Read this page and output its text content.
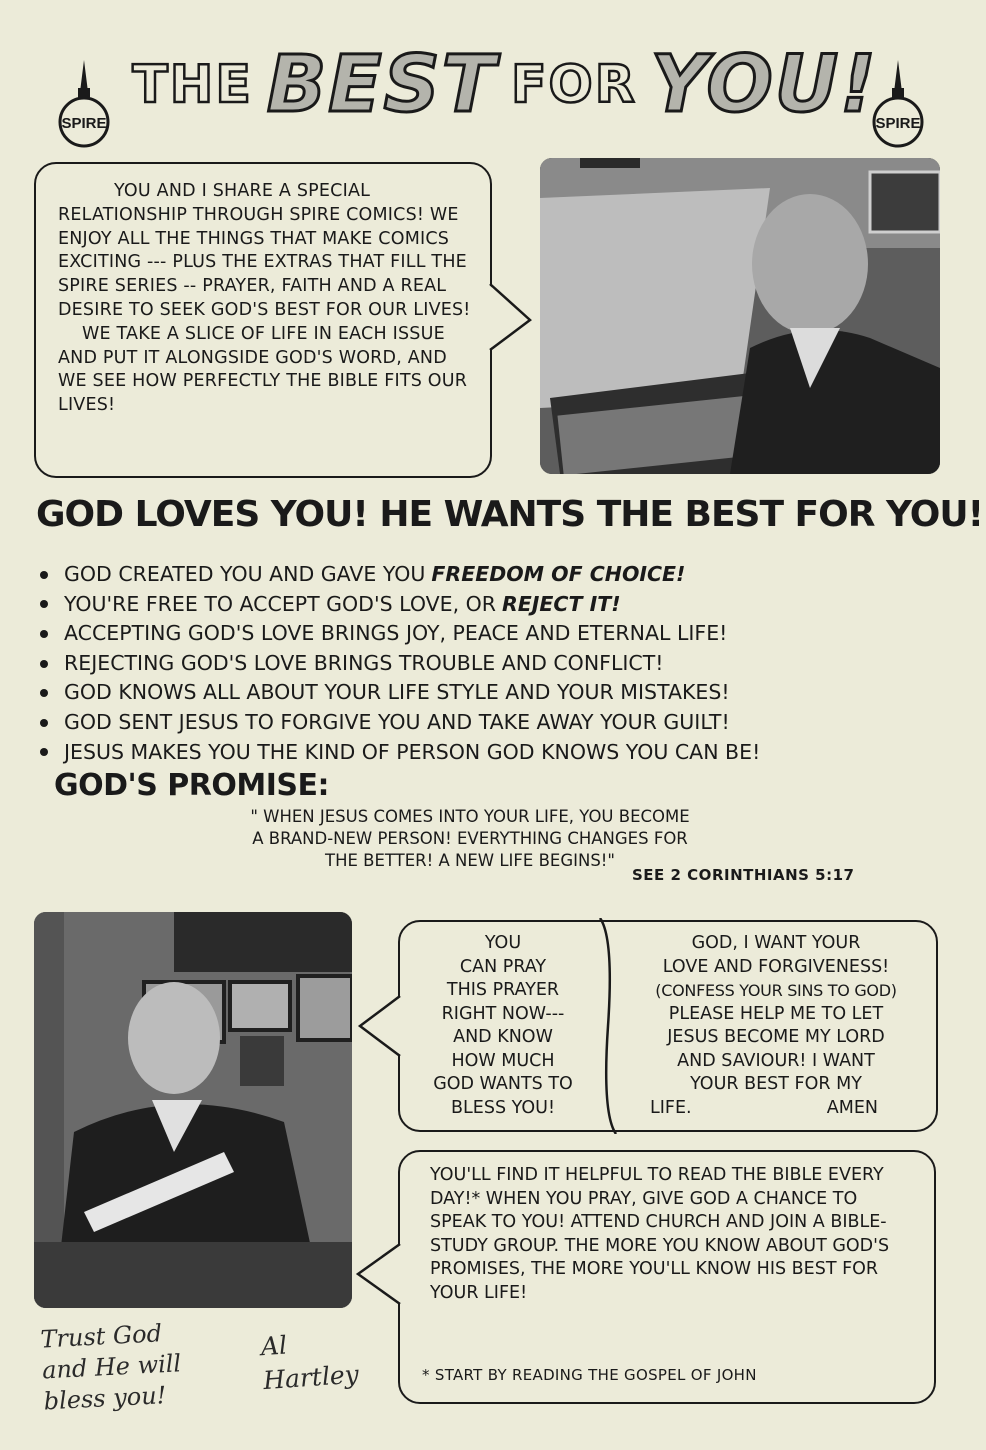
SPIRE	SPIRE
THE BEST FOR YOU!

YOU AND I SHARE A SPECIAL RELATIONSHIP THROUGH SPIRE COMICS! WE ENJOY ALL THE THINGS THAT MAKE COMICS EXCITING --- PLUS THE EXTRAS THAT FILL THE SPIRE SERIES -- PRAYER, FAITH AND A REAL DESIRE TO SEEK GOD'S BEST FOR OUR LIVES!

WE TAKE A SLICE OF LIFE IN EACH ISSUE AND PUT IT ALONGSIDE GOD'S WORD, AND WE SEE HOW PERFECTLY THE BIBLE FITS OUR LIVES!

GOD LOVES YOU! HE WANTS THE BEST FOR YOU!
GOD CREATED YOU AND GAVE YOU FREEDOM OF CHOICE!
YOU'RE FREE TO ACCEPT GOD'S LOVE, OR REJECT IT!
ACCEPTING GOD'S LOVE BRINGS JOY, PEACE AND ETERNAL LIFE!
REJECTING GOD'S LOVE BRINGS TROUBLE AND CONFLICT!
GOD KNOWS ALL ABOUT YOUR LIFE STYLE AND YOUR MISTAKES!
GOD SENT JESUS TO FORGIVE YOU AND TAKE AWAY YOUR GUILT!
JESUS MAKES YOU THE KIND OF PERSON GOD KNOWS YOU CAN BE!
GOD'S PROMISE:
" WHEN JESUS COMES INTO YOUR LIFE, YOU BECOME
A BRAND-NEW PERSON! EVERYTHING CHANGES FOR
THE BETTER! A NEW LIFE BEGINS!"
SEE 2 CORINTHIANS 5:17
YOU
CAN PRAY
THIS PRAYER
RIGHT NOW---
AND KNOW
HOW MUCH
GOD WANTS TO
BLESS YOU!
GOD, I WANT YOUR
LOVE AND FORGIVENESS!
(CONFESS YOUR SINS TO GOD)
PLEASE HELP ME TO LET
JESUS BECOME MY LORD
AND SAVIOUR! I WANT
YOUR BEST FOR MY
LIFE.	AMEN

YOU'LL FIND IT HELPFUL TO READ THE BIBLE EVERY DAY!* WHEN YOU PRAY, GIVE GOD A CHANCE TO SPEAK TO YOU! ATTEND CHURCH AND JOIN A BIBLE-STUDY GROUP. THE MORE YOU KNOW ABOUT GOD'S PROMISES, THE MORE YOU'LL KNOW HIS BEST FOR YOUR LIFE!

* START BY READING THE GOSPEL OF JOHN
Trust God
and He will
bless you!
Al
Hartley
